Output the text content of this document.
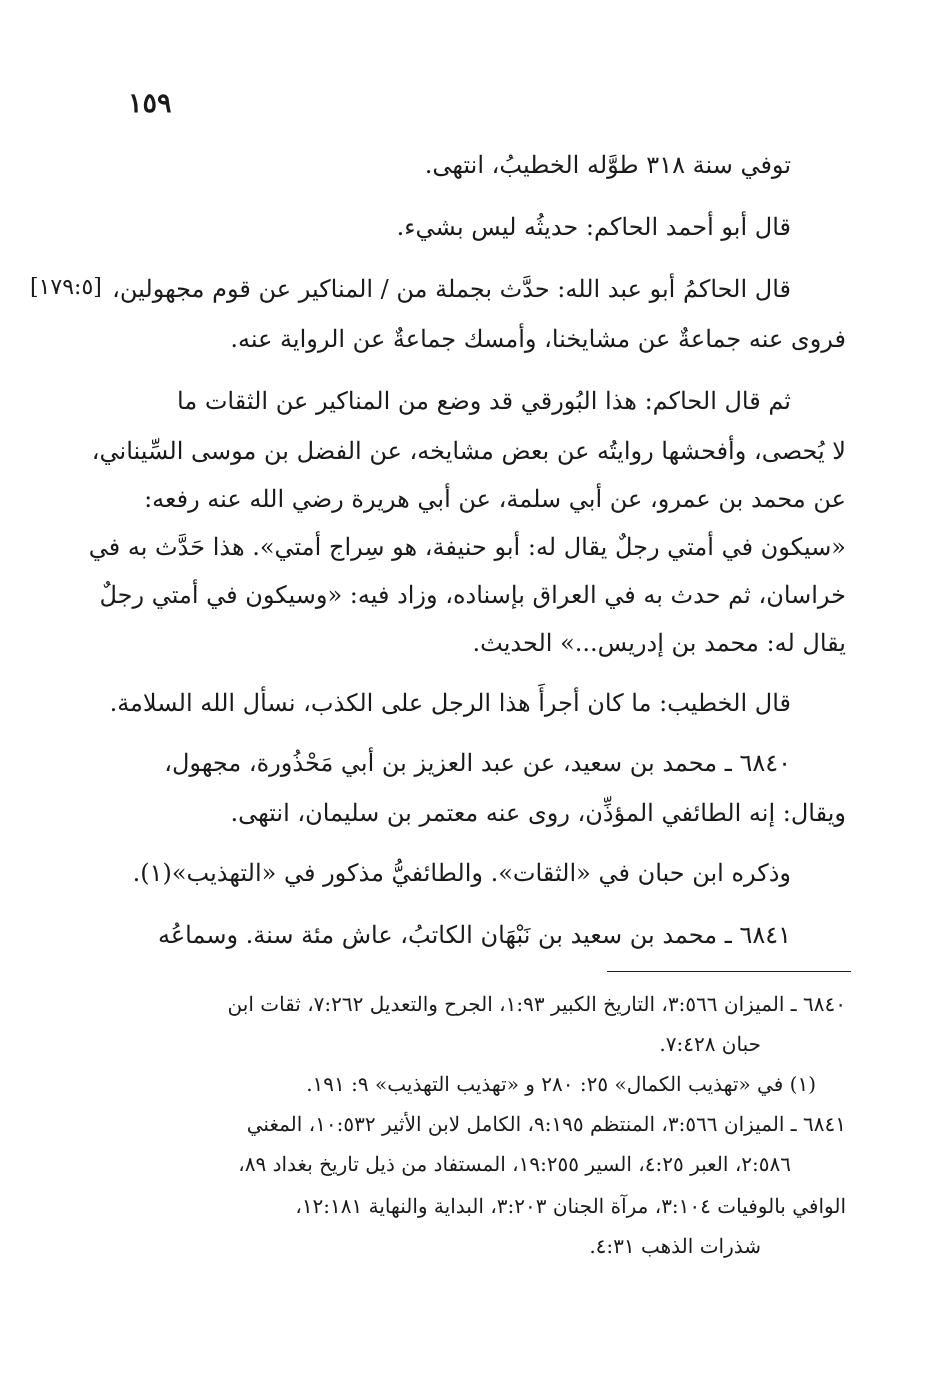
١٥٩
[١٧٩:٥]
توفي سنة ٣١٨ طوَّله الخطيبُ، انتهى.
قال أبو أحمد الحاكم: حديثُه ليس بشيء.
قال الحاكمُ أبو عبد الله: حدَّث بجملة من / المناكير عن قوم مجهولين،
فروى عنه جماعةٌ عن مشايخنا، وأمسك جماعةٌ عن الرواية عنه.
ثم قال الحاكم: هذا البُورقي قد وضع من المناكير عن الثقات ما
لا يُحصى، وأفحشها روايتُه عن بعض مشايخه، عن الفضل بن موسى السِّيناني،
عن محمد بن عمرو، عن أبي سلمة، عن أبي هريرة رضي الله عنه رفعه:
«سيكون في أمتي رجلٌ يقال له: أبو حنيفة، هو سِراج أمتي». هذا حَدَّث به في
خراسان، ثم حدث به في العراق بإسناده، وزاد فيه: «وسيكون في أمتي رجلٌ
يقال له: محمد بن إدريس...» الحديث.
قال الخطيب: ما كان أجرأَ هذا الرجل على الكذب، نسأل الله السلامة.
٦٨٤٠ ـ محمد بن سعيد، عن عبد العزيز بن أبي مَحْذُورة، مجهول،
ويقال: إنه الطائفي المؤذِّن، روى عنه معتمر بن سليمان، انتهى.
وذكره ابن حبان في «الثقات». والطائفيُّ مذكور في «التهذيب»(١).
٦٨٤١ ـ محمد بن سعيد بن نَبْهَان الكاتبُ، عاش مئة سنة. وسماعُه
٦٨٤٠ ـ الميزان ٣:٥٦٦، التاريخ الكبير ١:٩٣، الجرح والتعديل ٧:٢٦٢، ثقات ابن
حبان ٧:٤٢٨.
(١) في «تهذيب الكمال» ٢٥: ٢٨٠ و «تهذيب التهذيب» ٩: ١٩١.
٦٨٤١ ـ الميزان ٣:٥٦٦، المنتظم ٩:١٩٥، الكامل لابن الأثير ١٠:٥٣٢، المغني
٢:٥٨٦، العبر ٤:٢٥، السير ١٩:٢٥٥، المستفاد من ذيل تاريخ بغداد ٨٩،
الوافي بالوفيات ٣:١٠٤، مرآة الجنان ٣:٢٠٣، البداية والنهاية ١٢:١٨١،
شذرات الذهب ٤:٣١.
